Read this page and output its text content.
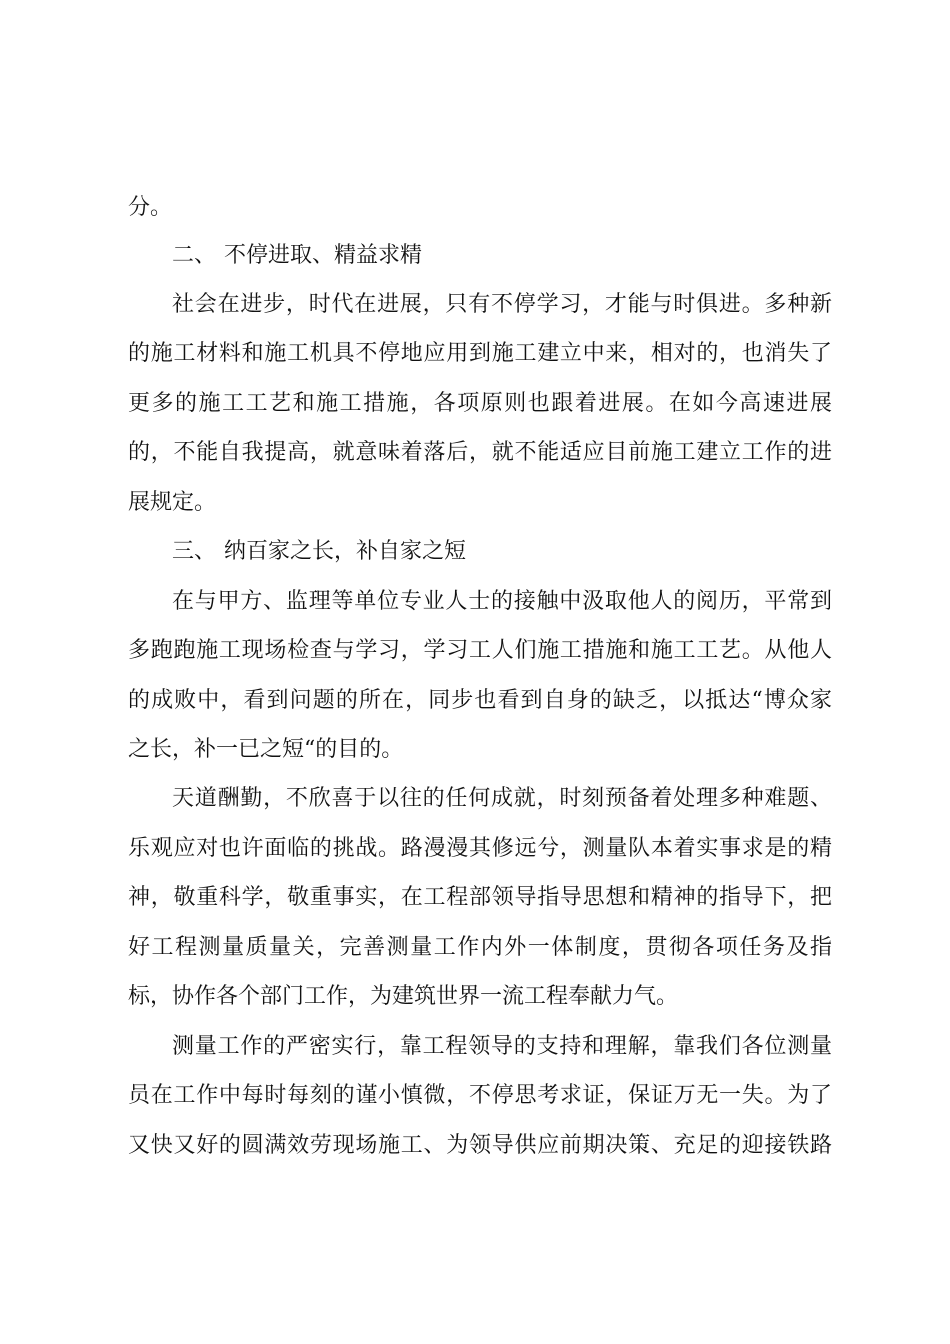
分。
二、 不停进取、精益求精
社会在进步，时代在进展，只有不停学习，才能与时俱进。多种新
的施工材料和施工机具不停地应用到施工建立中来，相对的，也消失了
更多的施工工艺和施工措施，各项原则也跟着进展。在如今高速进展
的，不能自我提高，就意味着落后，就不能适应目前施工建立工作的进
展规定。
三、 纳百家之长，补自家之短
在与甲方、监理等单位专业人士的接触中汲取他人的阅历，平常到
多跑跑施工现场检查与学习，学习工人们施工措施和施工工艺。从他人
的成败中，看到问题的所在，同步也看到自身的缺乏，以抵达“博众家
之长，补一已之短“的目的。
天道酬勤，不欣喜于以往的任何成就，时刻预备着处理多种难题、
乐观应对也许面临的挑战。路漫漫其修远兮，测量队本着实事求是的精
神，敬重科学，敬重事实，在工程部领导指导思想和精神的指导下，把
好工程测量质量关，完善测量工作内外一体制度，贯彻各项任务及指
标，协作各个部门工作，为建筑世界一流工程奉献力气。
测量工作的严密实行，靠工程领导的支持和理解，靠我们各位测量
员在工作中每时每刻的谨小慎微，不停思考求证，保证万无一失。为了
又快又好的圆满效劳现场施工、为领导供应前期决策、充足的迎接铁路
